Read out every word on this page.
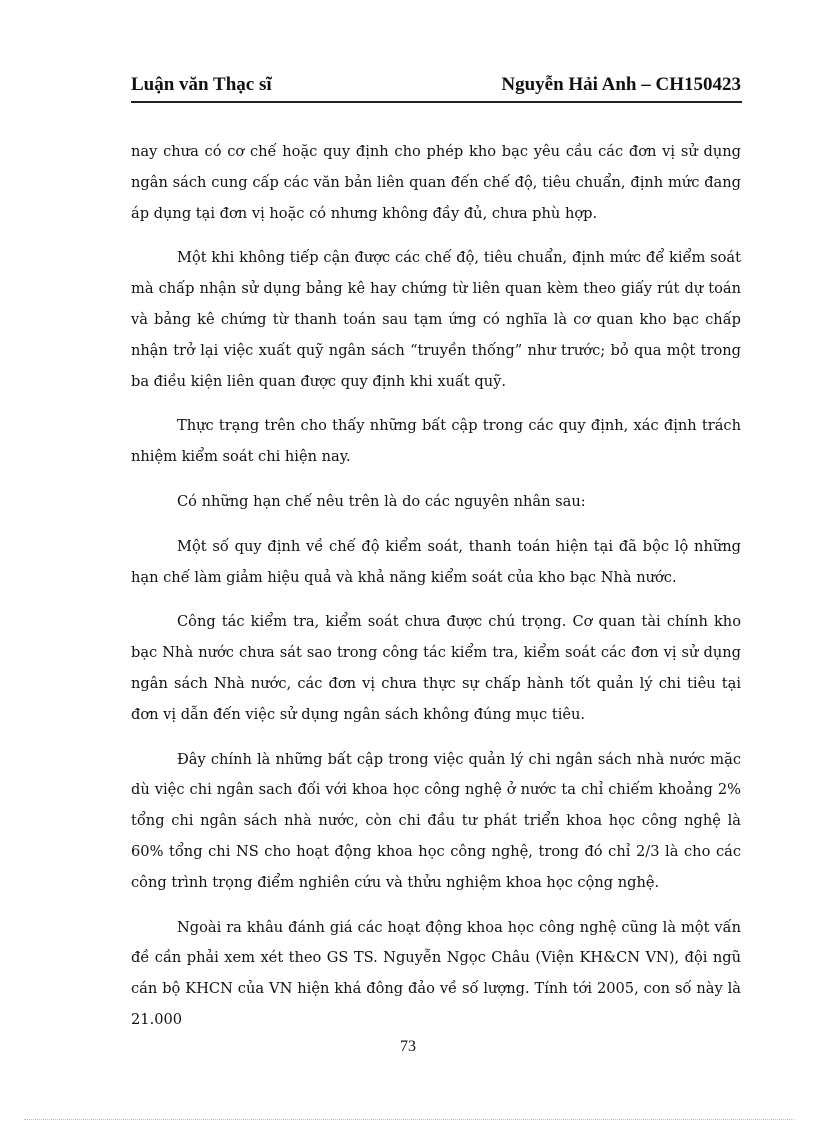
Luận văn Thạc sĩ	Nguyễn Hải Anh – CH150423

nay chưa có cơ chế hoặc quy định cho phép kho bạc yêu cầu các đơn vị sử dụng ngân sách cung cấp các văn bản liên quan đến chế độ, tiêu chuẩn, định mức đang áp dụng tại đơn vị hoặc có nhưng không đầy đủ, chưa phù hợp.

Một khi không tiếp cận được các chế độ, tiêu chuẩn, định mức để kiểm soát mà chấp nhận sử dụng bảng kê hay chứng từ liên quan kèm theo giấy rút dự toán và bảng kê chứng từ thanh toán sau tạm ứng có nghĩa là cơ quan kho bạc chấp nhận trở lại việc xuất quỹ ngân sách “truyền thống” như trước; bỏ qua một trong ba điều kiện liên quan được quy định khi xuất quỹ.

Thực trạng trên cho thấy những bất cập trong các quy định, xác định trách nhiệm kiểm soát chi hiện nay.

Có những hạn chế nêu trên là do các nguyên nhân sau:

Một số quy định về chế độ kiểm soát, thanh toán hiện tại đã bộc lộ những hạn chế làm giảm hiệu quả và khả năng kiểm soát của kho bạc Nhà nước.

Công tác kiểm tra, kiểm soát chưa được chú trọng. Cơ quan tài chính kho bạc Nhà nước chưa sát sao trong công tác kiểm tra, kiểm soát các đơn vị sử dụng ngân sách Nhà nước, các đơn vị chưa thực sự chấp hành tốt quản lý chi tiêu tại đơn vị dẫn đến việc sử dụng ngân sách không đúng mục tiêu.

Đây chính là những bất cập trong việc quản lý chi ngân sách nhà nước mặc dù việc chi ngân sach đối với khoa học công nghệ ở nước ta chỉ chiếm khoảng 2% tổng chi ngân sách nhà nước, còn chi đầu tư phát triển khoa học công nghệ là 60% tổng chi NS cho hoạt động khoa học công nghệ, trong đó chỉ 2/3 là cho các công trình trọng điểm nghiên cứu và thửu nghiệm khoa học cộng nghệ.

Ngoài ra khâu đánh giá các hoạt động khoa học công nghệ cũng là một vấn đề cần phải xem xét theo GS TS. Nguyễn Ngọc Châu (Viện KH&CN VN), đội ngũ cán bộ KHCN của VN hiện khá đông đảo về số lượng. Tính tới 2005, con số này là 21.000

73
